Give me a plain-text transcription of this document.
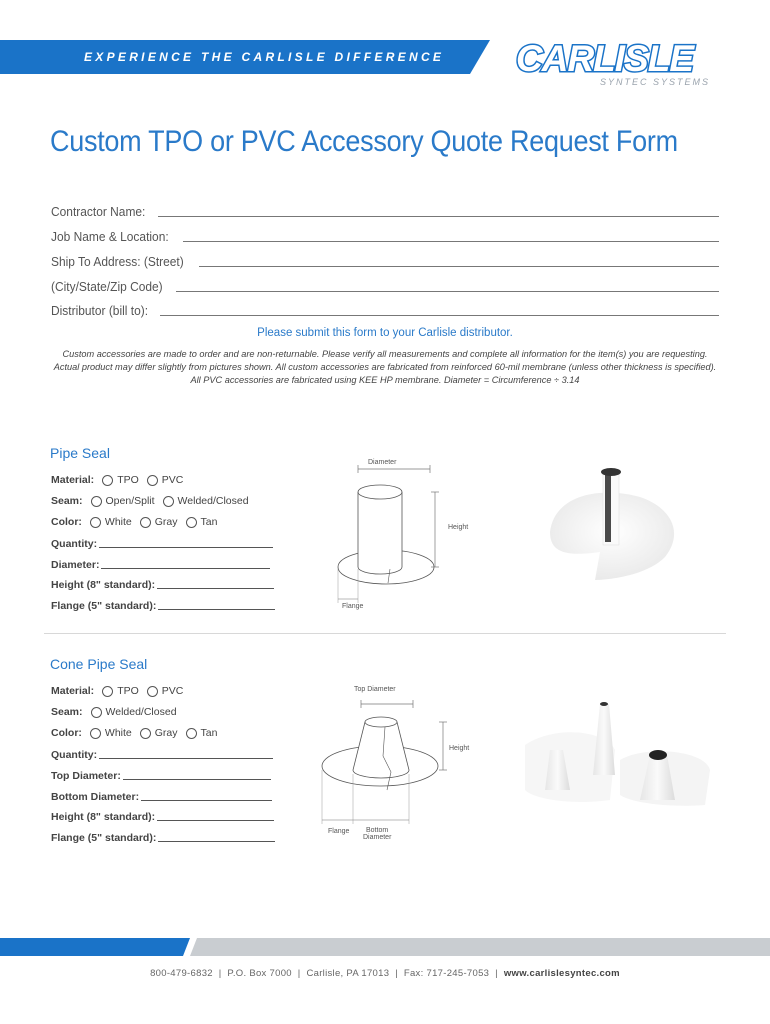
EXPERIENCE THE CARLISLE DIFFERENCE CARLISLE
SYNTEC SYSTEMS
Custom TPO or PVC Accessory Quote Request Form
Contractor Name:
Job Name & Location:
Ship To Address: (Street)
(City/State/Zip Code)
Distributor (bill to):
Please submit this form to your Carlisle distributor.
Custom accessories are made to order and are non-returnable. Please verify all measurements and complete all information for the item(s) you are requesting.
Actual product may differ slightly from pictures shown. All custom accessories are fabricated from reinforced 60-mil membrane (unless other thickness is specified).
All PVC accessories are fabricated using KEE HP membrane. Diameter = Circumference ÷ 3.14
Pipe Seal
Material: TPO PVC
Seam: Open/Split Welded/Closed
Color: White Gray Tan
Quantity:
Diameter:
Height (8" standard):
Flange (5" standard):
Diameter
Height
Flange
Cone Pipe Seal
Material: TPO PVC
Seam: Welded/Closed
Color: White Gray Tan
Quantity:
Top Diameter:
Bottom Diameter:
Height (8" standard):
Flange (5" standard):
Top Diameter
Height
Flange Bottom
Diameter
800-479-6832 | P.O. Box 7000 | Carlisle, PA 17013 | Fax: 717-245-7053 | www.carlislesyntec.com
